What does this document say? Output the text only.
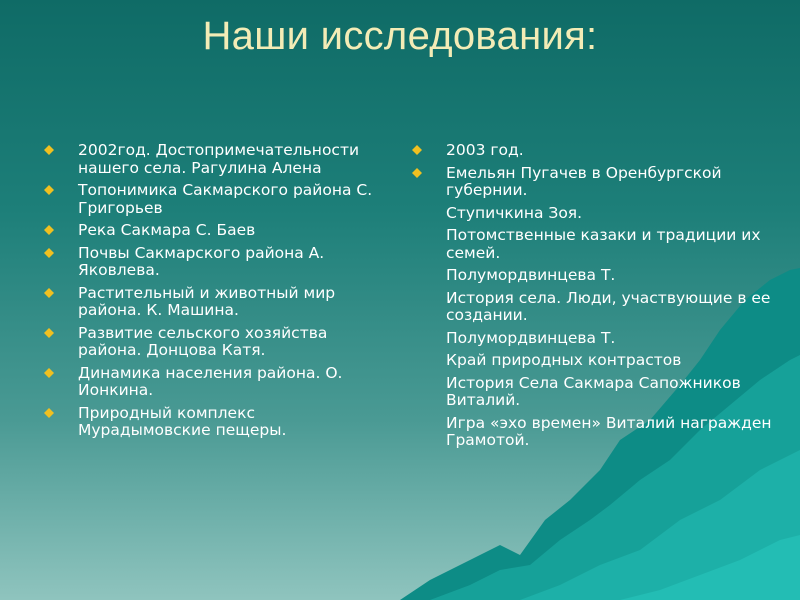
Наши исследования:
2002год. Достопримечательности нашего села. Рагулина Алена
Топонимика Сакмарского района С. Григорьев
Река Сакмара С. Баев
Почвы Сакмарского района А. Яковлева.
Растительный и животный мир района. К. Машина.
Развитие сельского хозяйства района. Донцова Катя.
Динамика населения района. О. Ионкина.
Природный комплекс Мурадымовские пещеры.
2003 год.
Емельян Пугачев в Оренбургской губернии.
Ступичкина Зоя.
Потомственные казаки и традиции их семей.
Полумордвинцева Т.
История села. Люди, участвующие в ее создании.
Полумордвинцева Т.
Край природных контрастов
История Села Сакмара Сапожников Виталий.
Игра «эхо времен» Виталий награжден Грамотой.
